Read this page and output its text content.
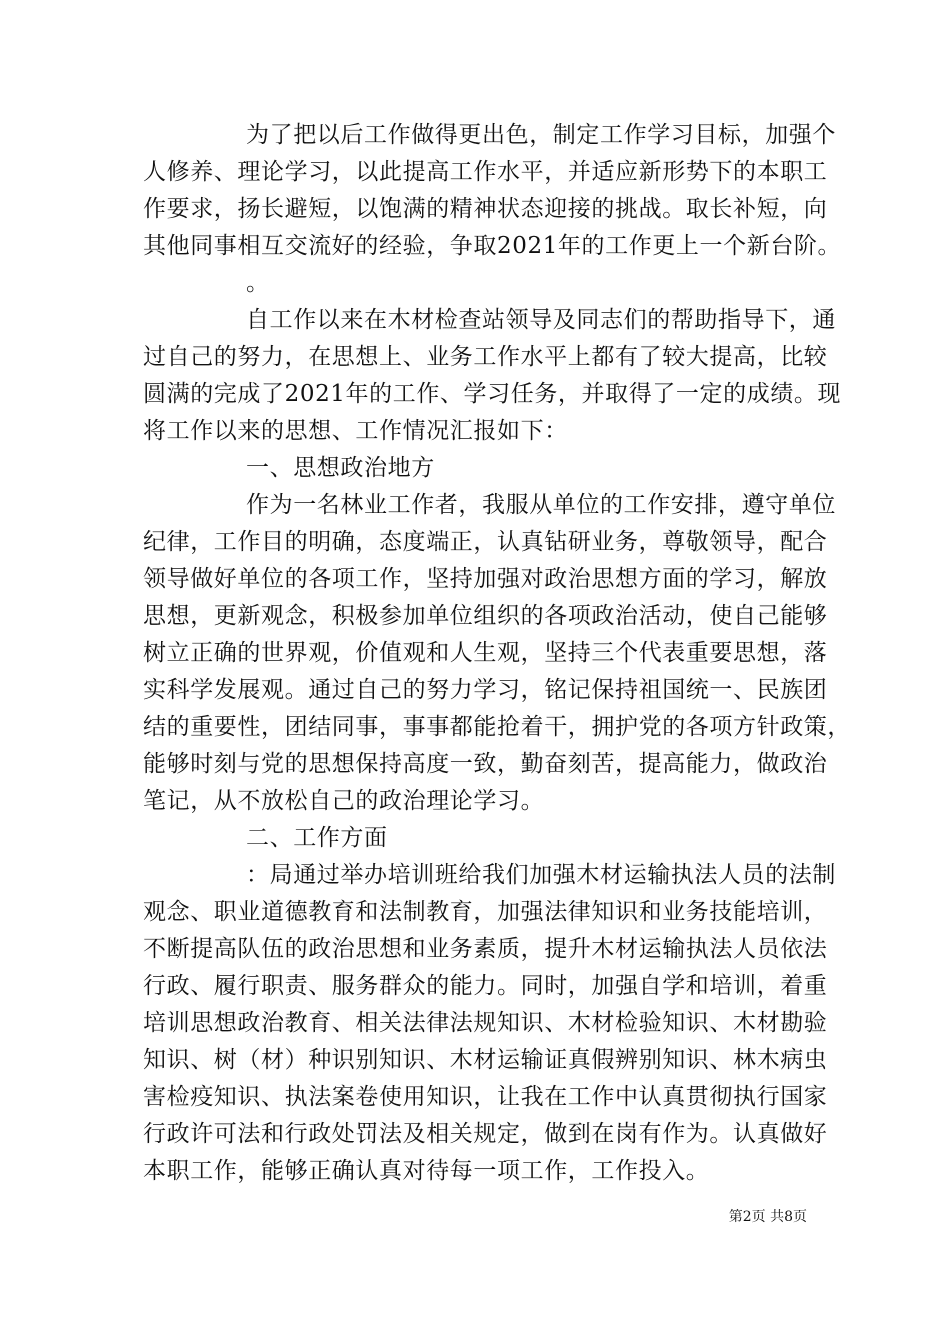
为了把以后工作做得更出色，制定工作学习目标，加强个
人修养、理论学习，以此提高工作水平，并适应新形势下的本职工
作要求，扬长避短，以饱满的精神状态迎接的挑战。取长补短，向
其他同事相互交流好的经验，争取2021年的工作更上一个新台阶。
。
自工作以来在木材检查站领导及同志们的帮助指导下，通
过自己的努力，在思想上、业务工作水平上都有了较大提高，比较
圆满的完成了2021年的工作、学习任务，并取得了一定的成绩。现
将工作以来的思想、工作情况汇报如下：
一、思想政治地方
作为一名林业工作者，我服从单位的工作安排，遵守单位
纪律，工作目的明确，态度端正，认真钻研业务，尊敬领导，配合
领导做好单位的各项工作，坚持加强对政治思想方面的学习，解放
思想，更新观念，积极参加单位组织的各项政治活动，使自己能够
树立正确的世界观，价值观和人生观，坚持三个代表重要思想，落
实科学发展观。通过自己的努力学习，铭记保持祖国统一、民族团
结的重要性，团结同事，事事都能抢着干，拥护党的各项方针政策，
能够时刻与党的思想保持高度一致，勤奋刻苦，提高能力，做政治
笔记，从不放松自己的政治理论学习。
二、工作方面
：局通过举办培训班给我们加强木材运输执法人员的法制
观念、职业道德教育和法制教育，加强法律知识和业务技能培训，
不断提高队伍的政治思想和业务素质，提升木材运输执法人员依法
行政、履行职责、服务群众的能力。同时，加强自学和培训，着重
培训思想政治教育、相关法律法规知识、木材检验知识、木材勘验
知识、树（材）种识别知识、木材运输证真假辨别知识、林木病虫
害检疫知识、执法案卷使用知识，让我在工作中认真贯彻执行国家
行政许可法和行政处罚法及相关规定，做到在岗有作为。认真做好
本职工作，能够正确认真对待每一项工作，工作投入。
第2页 共8页
